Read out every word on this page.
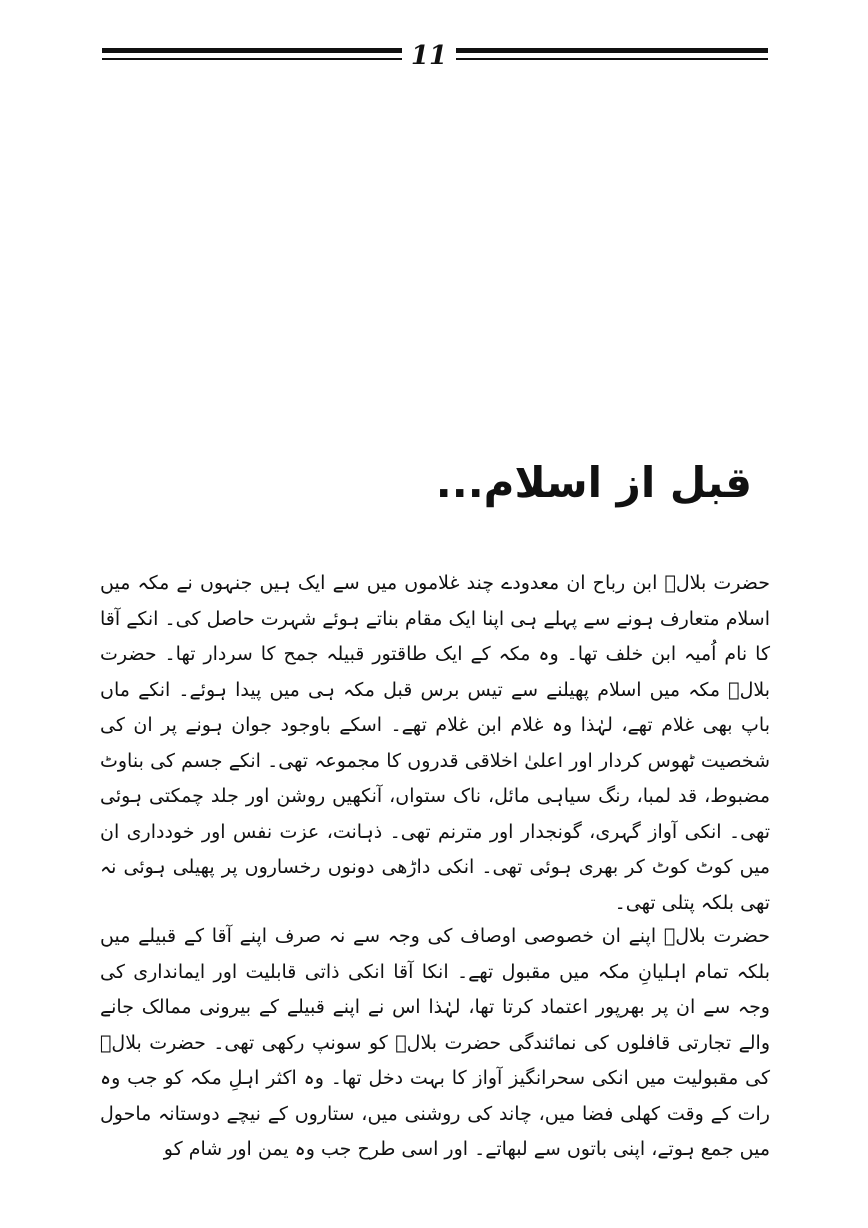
11
قبل از اسلام...

حضرت بلالؓ ابن رباح ان معدودے چند غلاموں میں سے ایک ہیں جنہوں نے مکہ میں اسلام متعارف ہونے سے پہلے ہی اپنا ایک مقام بناتے ہوئے شہرت حاصل کی۔ انکے آقا کا نام اُمیہ ابن خلف تھا۔ وہ مکہ کے ایک طاقتور قبیلہ جمح کا سردار تھا۔ حضرت بلالؓ مکہ میں اسلام پھیلنے سے تیس برس قبل مکہ ہی میں پیدا ہوئے۔ انکے ماں باپ بھی غلام تھے، لہٰذا وہ غلام ابن غلام تھے۔ اسکے باوجود جوان ہونے پر ان کی شخصیت ٹھوس کردار اور اعلیٰ اخلاقی قدروں کا مجموعہ تھی۔ انکے جسم کی بناوٹ مضبوط، قد لمبا، رنگ سیاہی مائل، ناک ستواں، آنکھیں روشن اور جلد چمکتی ہوئی تھی۔ انکی آواز گہری، گونجدار اور مترنم تھی۔ ذہانت، عزت نفس اور خودداری ان میں کوٹ کوٹ کر بھری ہوئی تھی۔ انکی داڑھی دونوں رخساروں پر پھیلی ہوئی نہ تھی بلکہ پتلی تھی۔

حضرت بلالؓ اپنے ان خصوصی اوصاف کی وجہ سے نہ صرف اپنے آقا کے قبیلے میں بلکہ تمام اہلیانِ مکہ میں مقبول تھے۔ انکا آقا انکی ذاتی قابلیت اور ایمانداری کی وجہ سے ان پر بھرپور اعتماد کرتا تھا، لہٰذا اس نے اپنے قبیلے کے بیرونی ممالک جانے والے تجارتی قافلوں کی نمائندگی حضرت بلالؓ کو سونپ رکھی تھی۔ حضرت بلالؓ کی مقبولیت میں انکی سحرانگیز آواز کا بہت دخل تھا۔ وہ اکثر اہلِ مکہ کو جب وہ رات کے وقت کھلی فضا میں، چاند کی روشنی میں، ستاروں کے نیچے دوستانہ ماحول میں جمع ہوتے، اپنی باتوں سے لبھاتے۔ اور اسی طرح جب وہ یمن اور شام کو
